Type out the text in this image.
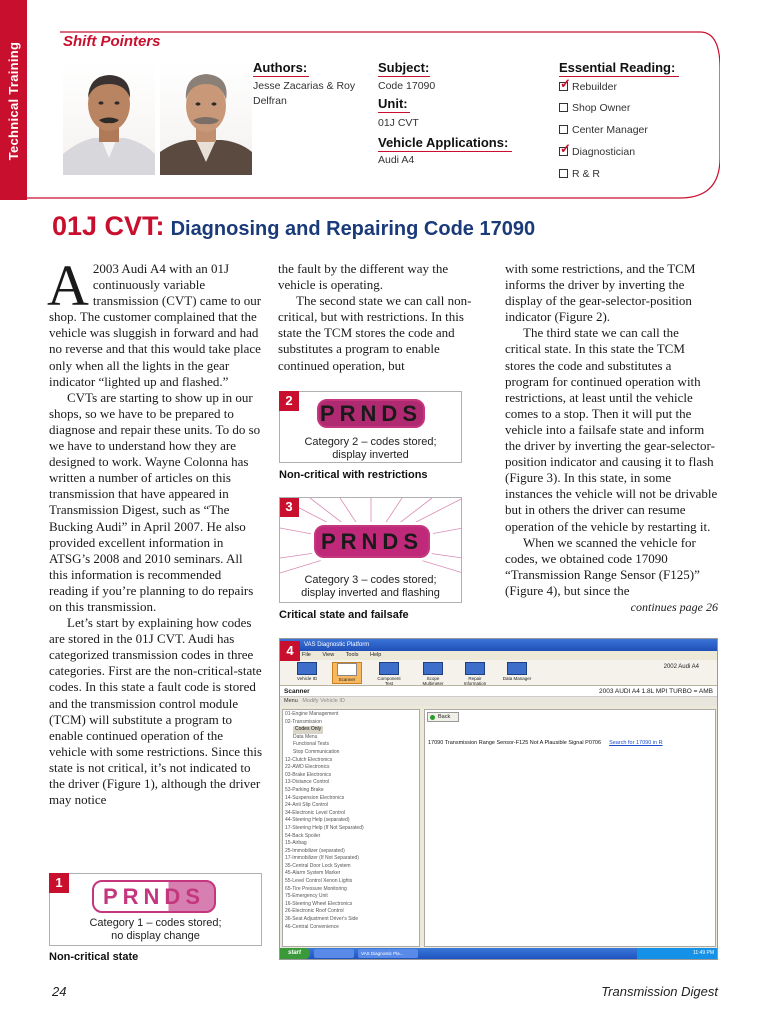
Technical Training
Shift Pointers
Authors:
Jesse Zacarias & Roy Delfran
Subject:
Code 17090
Unit:
01J CVT
Vehicle Applications:
Audi A4
Essential Reading:
✓ Rebuilder
Shop Owner
Center Manager
✓ Diagnostician
R & R
01J CVT: Diagnosing and Repairing Code 17090

A 2003 Audi A4 with an 01J continuously variable transmission (CVT) came to our shop. The customer complained that the vehicle was sluggish in forward and had no reverse and that this would take place only when all the lights in the gear indicator “lighted up and flashed.”

CVTs are starting to show up in our shops, so we have to be prepared to diagnose and repair these units. To do so we have to understand how they are designed to work. Wayne Colonna has written a number of articles on this transmission that have appeared in Transmission Digest, such as “The Bucking Audi” in April 2007. He also provided excellent information in ATSG’s 2008 and 2010 seminars. All this information is recommended reading if you’re planning to do repairs on this transmission.

Let’s start by explaining how codes are stored in the 01J CVT. Audi has categorized transmission codes in three categories. First are the non-critical-state codes. In this state a fault code is stored and the transmission control module (TCM) will substitute a program to enable continued operation of the vehicle with some restrictions. Since this state is not critical, it’s not indicated to the driver (Figure 1), although the driver may notice

the fault by the different way the vehicle is operating.

The second state we can call non-critical, but with restrictions. In this state the TCM stores the code and substitutes a program to enable continued operation, but

with some restrictions, and the TCM informs the driver by inverting the display of the gear-selector-position indicator (Figure 2).

The third state we can call the critical state. In this state the TCM stores the code and substitutes a program for continued operation with restrictions, at least until the vehicle comes to a stop. Then it will put the vehicle into a failsafe state and inform the driver by inverting the gear-selector-position indicator and causing it to flash (Figure 3). In this state, in some instances the vehicle will not be drivable but in others the driver can resume operation of the vehicle by restarting it.

When we scanned the vehicle for codes, we obtained code 17090 “Transmission Range Sensor (F125)” (Figure 4), but since the

continues page 26
2
PRNDS
Category 2 – codes stored;
display inverted
Non-critical with restrictions
3
PRNDS
Category 3 – codes stored;
display inverted and flashing
Critical state and failsafe
1
PRNDS
Category 1 – codes stored;
no display change
Non-critical state
VAS Diagnostic Platform
File View Tools Help
Vehicle ID	Scanner	Component Test
Scope Multimeter
Repair Information
Data Manager
2002 Audi A4
Scanner	2003 AUDI A4 1.8L MPI TURBO = AMB
Menu Modify Vehicle ID
01-Engine Management
02-Transmission
Codes Only
Data Menu
Functional Tests
Stop Communication
12-Clutch Electronics
22-AWD Electronics
03-Brake Electronics
13-Distance Control
53-Parking Brake
14-Suspension Electronics
24-Anti Slip Control
34-Electronic Level Control
44-Steering Help (separated)
17-Steering Help (If Not Separated)
54-Back Spoiler
15-Airbag
25-Immobilizer (separated)
17-Immobilizer (If Not Separated)
35-Central Door Lock System
45-Alarm System Marker
55-Level Control Xenon Lights
65-Tire Pressure Monitoring
75-Emergency Unit
16-Steering Wheel Electronics
26-Electronic Roof Control
36-Seat Adjustment Driver's Side
46-Central Convenience
Back
17090 Transmission Range Sensor-F125 Not A Plausible Signal P0706 Search for 17090 in R
start	VAS Diagnostic Pla...	11:49 PM
4
24	Transmission Digest
